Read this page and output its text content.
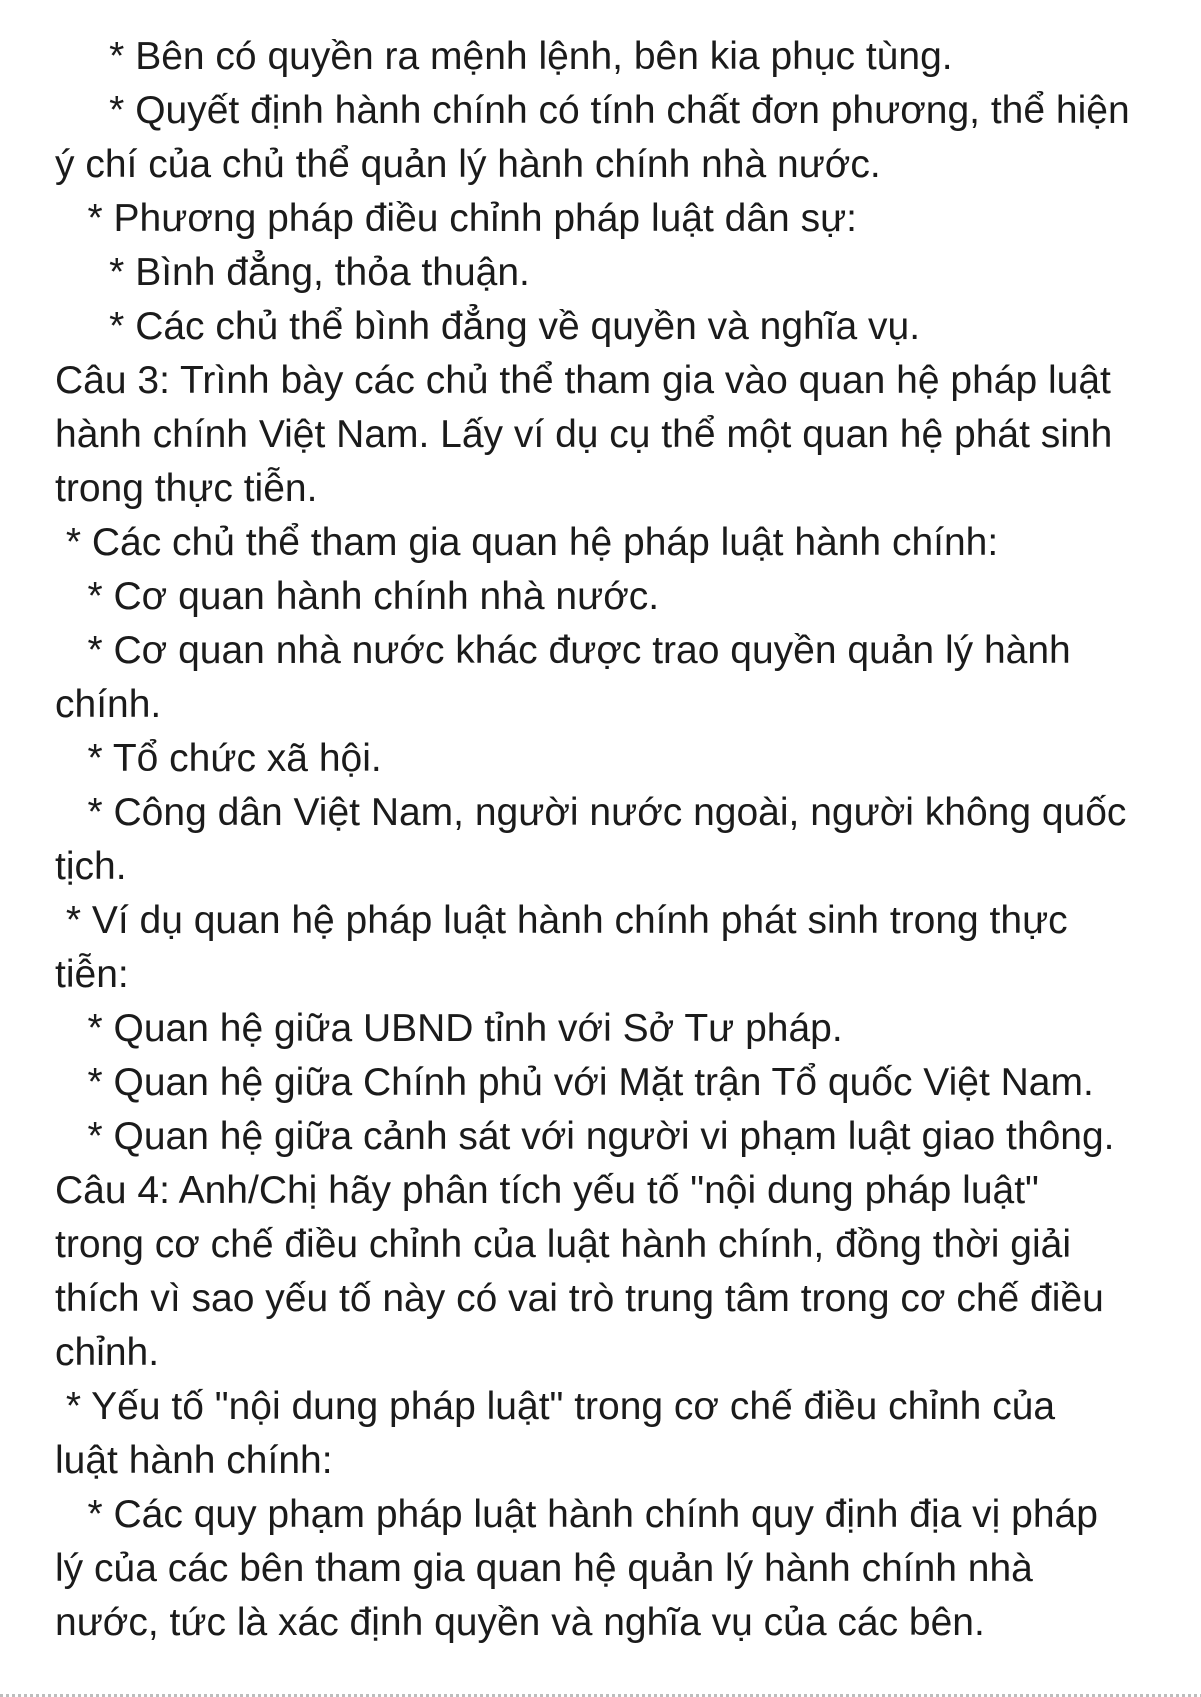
* Bên có quyền ra mệnh lệnh, bên kia phục tùng.

* Quyết định hành chính có tính chất đơn phương, thể hiện

ý chí của chủ thể quản lý hành chính nhà nước.

* Phương pháp điều chỉnh pháp luật dân sự:

* Bình đẳng, thỏa thuận.

* Các chủ thể bình đẳng về quyền và nghĩa vụ.

Câu 3: Trình bày các chủ thể tham gia vào quan hệ pháp luật

hành chính Việt Nam. Lấy ví dụ cụ thể một quan hệ phát sinh

trong thực tiễn.

* Các chủ thể tham gia quan hệ pháp luật hành chính:

* Cơ quan hành chính nhà nước.

* Cơ quan nhà nước khác được trao quyền quản lý hành

chính.

* Tổ chức xã hội.

* Công dân Việt Nam, người nước ngoài, người không quốc

tịch.

* Ví dụ quan hệ pháp luật hành chính phát sinh trong thực

tiễn:

* Quan hệ giữa UBND tỉnh với Sở Tư pháp.

* Quan hệ giữa Chính phủ với Mặt trận Tổ quốc Việt Nam.

* Quan hệ giữa cảnh sát với người vi phạm luật giao thông.

Câu 4: Anh/Chị hãy phân tích yếu tố "nội dung pháp luật"

trong cơ chế điều chỉnh của luật hành chính, đồng thời giải

thích vì sao yếu tố này có vai trò trung tâm trong cơ chế điều

chỉnh.

* Yếu tố "nội dung pháp luật" trong cơ chế điều chỉnh của

luật hành chính:

* Các quy phạm pháp luật hành chính quy định địa vị pháp

lý của các bên tham gia quan hệ quản lý hành chính nhà

nước, tức là xác định quyền và nghĩa vụ của các bên.
